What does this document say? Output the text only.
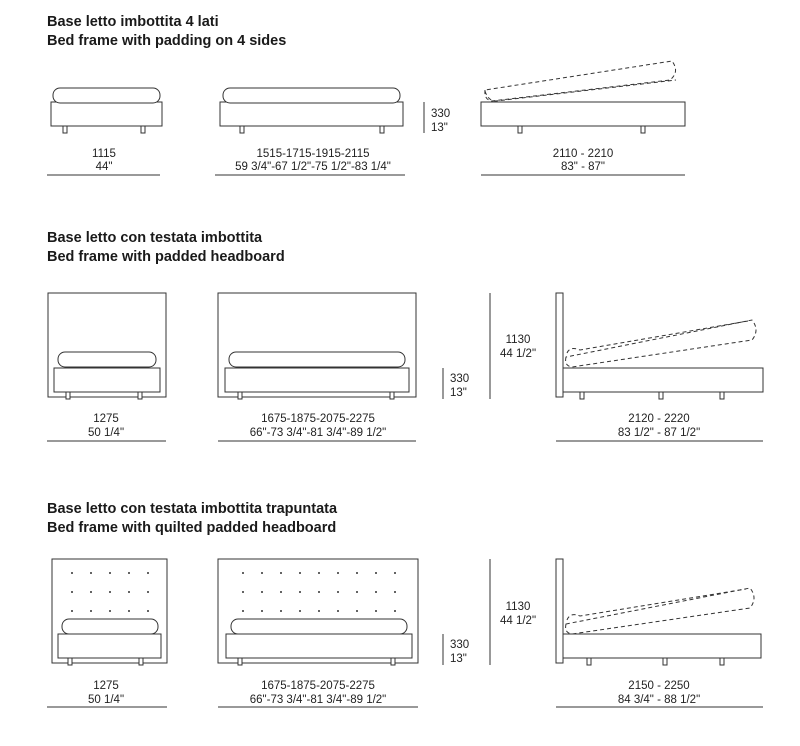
Base letto imbottita 4 lati
Bed frame with padding on 4 sides
Base letto con testata imbottita
Bed frame with padded headboard
Base letto con testata imbottita trapuntata
Bed frame with quilted padded headboard
1115
44"
1515-1715-1915-2115
59 3/4"-67 1/2"-75 1/2"-83 1/4"
330
13"
2110 - 2210
83" - 87"
1275
50 1/4"
1675-1875-2075-2275
66"-73 3/4"-81 3/4"-89 1/2"
330
13"
1130
44 1/2"
2120 - 2220
83 1/2" - 87 1/2"
1275
50 1/4"
1675-1875-2075-2275
66"-73 3/4"-81 3/4"-89 1/2"
330
13"
1130
44 1/2"
2150 - 2250
84 3/4" - 88 1/2"
